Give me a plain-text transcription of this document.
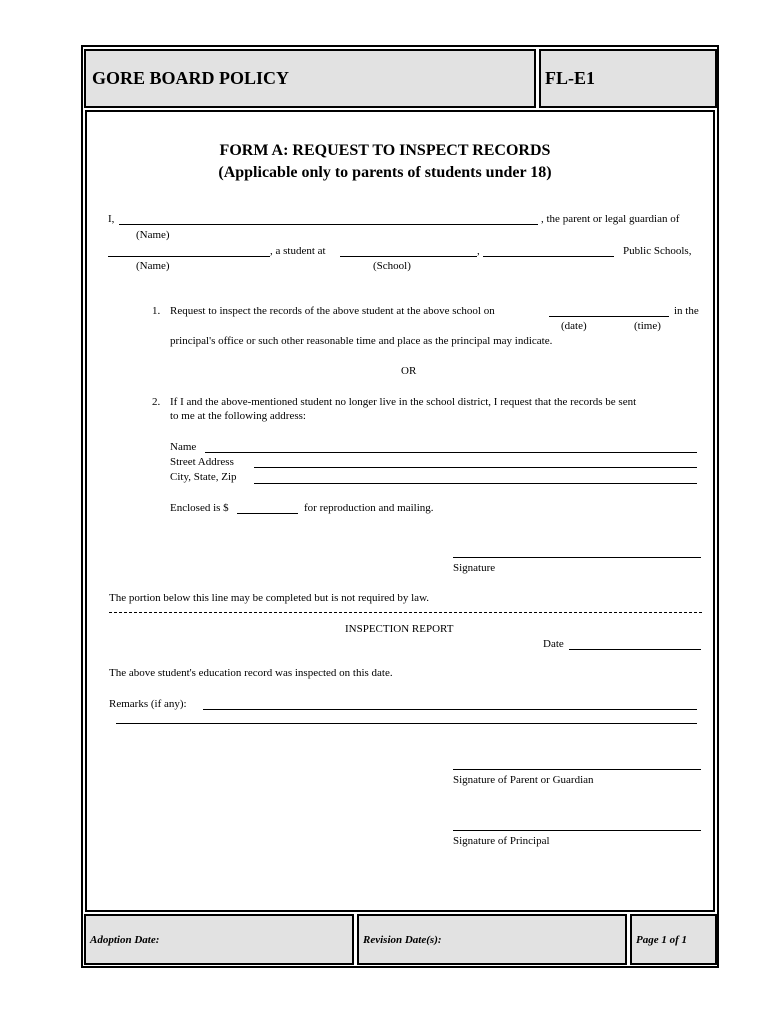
GORE BOARD POLICY	FL-E1
FORM A: REQUEST TO INSPECT RECORDS
(Applicable only to parents of students under 18)
I,	, the parent or legal guardian of
(Name)
, a student at	,	Public Schools,
(Name)	(School)
1. Request to inspect the records of the above student at the above school on	in the
(date)	(time)
principal's office or such other reasonable time and place as the principal may indicate.
OR
2. If I and the above-mentioned student no longer live in the school district, I request that the records be sent
to me at the following address:
Name
Street Address
City, State, Zip
Enclosed is $	for reproduction and mailing.
Signature
The portion below this line may be completed but is not required by law.
INSPECTION REPORT
Date
The above student's education record was inspected on this date.
Remarks (if any):
Signature of Parent or Guardian
Signature of Principal
Adoption Date:	Revision Date(s):	Page 1 of 1
